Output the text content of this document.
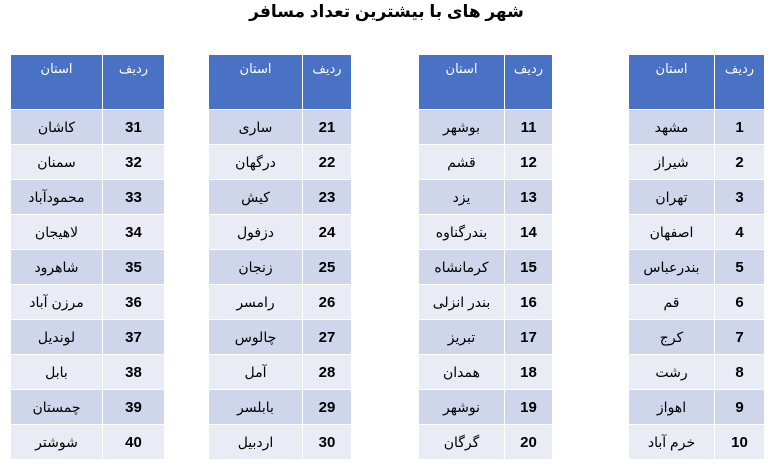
شهر های با بیشترین تعداد مسافر
استان	ردیف
مشهد	1
شیراز	2
تهران	3
اصفهان	4
بندرعباس	5
قم	6
کرج	7
رشت	8
اهواز	9
خرم آباد	10
استان	ردیف
بوشهر	11
قشم	12
یزد	13
بندرگناوه	14
کرمانشاه	15
بندر انزلی	16
تبریز	17
همدان	18
نوشهر	19
گرگان	20
استان	ردیف
ساری	21
درگهان	22
کیش	23
دزفول	24
زنجان	25
رامسر	26
چالوس	27
آمل	28
بابلسر	29
اردبیل	30
استان	ردیف
کاشان	31
سمنان	32
محمودآباد	33
لاهیجان	34
شاهرود	35
مرزن آباد	36
لوندیل	37
بابل	38
چمستان	39
شوشتر	40
